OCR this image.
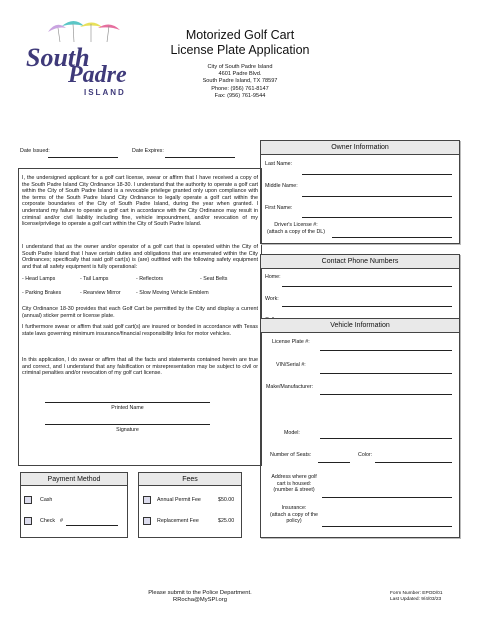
South
Padre
ISLAND
Motorized Golf Cart
License Plate Application
City of South Padre Island
4601 Padre Blvd.
South Padre Island, TX 78597
Phone: (956) 761-8147
Fax: (956) 761-9544
Date Issued:	Date Expires:
I, the undersigned applicant for a golf cart license, swear or affirm that I have received a copy of the South Padre Island City Ordinance 18-30. I understand that the authority to operate a golf cart within the City of South Padre Island is a revocable privilege granted only upon compliance with the terms of the South Padre Island City Ordinance to legally operate a golf cart within the corporate boundaries of the City of South Padre Island, during the year when granted. I understand my failure to operate a golf cart in accordance with the City Ordinance may result in criminal and/or civil liability including fine, vehicle impoundment, and/or revocation of my license/privilege to operate a golf cart within the City of South Padre Island.
I understand that as the owner and/or operator of a golf cart that is operated within the City of South Padre Island that I have certain duties and obligations that are enumerated within the City Ordinances; specifically that said golf cart(s) is (are) outfitted with the following safety equipment and that all safety equipment is fully operational:
- Head Lamps	- Tail Lamps	- Reflectors	- Seat Belts
- Parking Brakes	- Rearview Mirror	- Slow Moving Vehicle Emblem
City Ordinance 18-30 provides that each Golf Cart be permitted by the City and display a current (annual) sticker permit or license plate.
I furthermore swear or affirm that said golf cart(s) are insured or bonded in accordance with Texas state laws governing minimum insurance/financial responsibility links for motor vehicles.
In this application, I do swear or affirm that all the facts and statements contained herein are true and correct, and I understand that any falsification or misrepresentation may be subject to civil or criminal penalties and/or revocation of my golf cart license.
Printed Name
Signature
Owner Information
Last Name:
Middle Name:
First Name:
Driver's License #:
(attach a copy of the DL)
Contact Phone Numbers
Home:
Work:
Vehicle Information
License Plate #:
VIN/Serial #:
Make/Manufacturer:
Model:
Number of Seats:	Color:
Address where golf
cart is housed:
(number & street)
Insurance:
(attach a copy of the
policy)
Payment Method
Cash
Check #
Fees
Annual Permit Fee	$50.00
Replacement Fee	$25.00
Please submit to the Police Department.
RRocha@MySPI.org
Form Number: EPOD/01
Last Updated: 9/4/03/23
